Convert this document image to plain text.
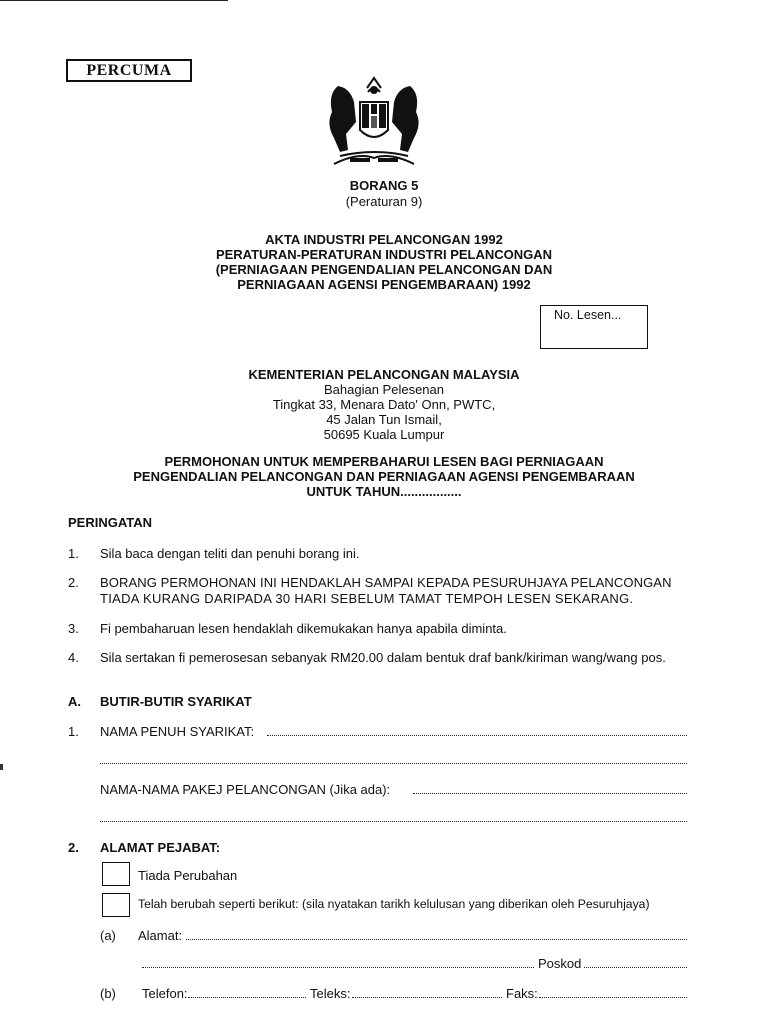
PERCUMA
BORANG 5
(Peraturan 9)
AKTA INDUSTRI PELANCONGAN 1992
PERATURAN-PERATURAN INDUSTRI PELANCONGAN
(PERNIAGAAN PENGENDALIAN PELANCONGAN DAN
PERNIAGAAN AGENSI PENGEMBARAAN) 1992
No. Lesen...
KEMENTERIAN PELANCONGAN MALAYSIA
Bahagian Pelesenan
Tingkat 33, Menara Dato' Onn, PWTC,
45 Jalan Tun Ismail,
50695 Kuala Lumpur
PERMOHONAN UNTUK MEMPERBAHARUI LESEN BAGI PERNIAGAAN
PENGENDALIAN PELANCONGAN DAN PERNIAGAAN AGENSI PENGEMBARAAN
UNTUK TAHUN.................
PERINGATAN
1. Sila baca dengan teliti dan penuhi borang ini.
2. BORANG PERMOHONAN INI HENDAKLAH SAMPAI KEPADA PESURUHJAYA PELANCONGAN
TIADA KURANG DARIPADA 30 HARI SEBELUM TAMAT TEMPOH LESEN SEKARANG.
3. Fi pembaharuan lesen hendaklah dikemukakan hanya apabila diminta.
4. Sila sertakan fi pemerosesan sebanyak RM20.00 dalam bentuk draf bank/kiriman wang/wang pos.
A. BUTIR-BUTIR SYARIKAT
1. NAMA PENUH SYARIKAT:
NAMA-NAMA PAKEJ PELANCONGAN (Jika ada):
2. ALAMAT PEJABAT:
Tiada Perubahan
Telah berubah seperti berikut: (sila nyatakan tarikh kelulusan yang diberikan oleh Pesuruhjaya)
(a) Alamat:
Poskod
(b) Telefon:	Teleks:	Faks:
